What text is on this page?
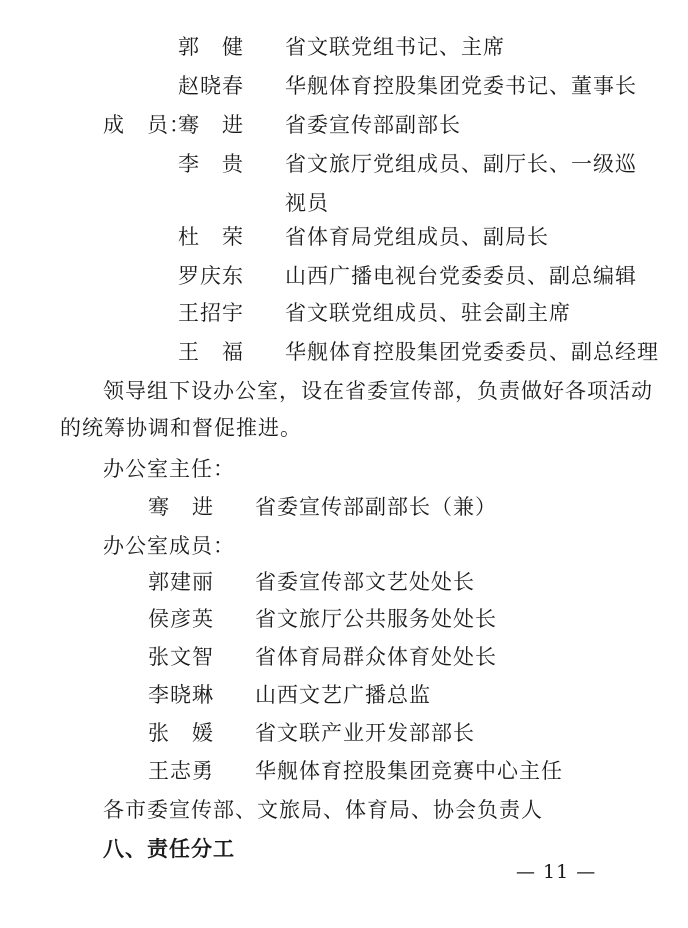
郭　健 省文联党组书记、主席
赵晓春 华舰体育控股集团党委书记、董事长
成　员：
骞　进 省委宣传部副部长
李　贵 省文旅厅党组成员、副厅长、一级巡
视员
杜　荣 省体育局党组成员、副局长
罗庆东 山西广播电视台党委委员、副总编辑
王招宇 省文联党组成员、驻会副主席
王　福 华舰体育控股集团党委委员、副总经理
领导组下设办公室，设在省委宣传部，负责做好各项活动
的统筹协调和督促推进。
办公室主任：
骞　进 省委宣传部副部长（兼）
办公室成员：
郭建丽 省委宣传部文艺处处长
侯彦英 省文旅厅公共服务处处长
张文智 省体育局群众体育处处长
李晓琳 山西文艺广播总监
张　媛 省文联产业开发部部长
王志勇 华舰体育控股集团竞赛中心主任
各市委宣传部、文旅局、体育局、协会负责人
八、责任分工
— 11 —
